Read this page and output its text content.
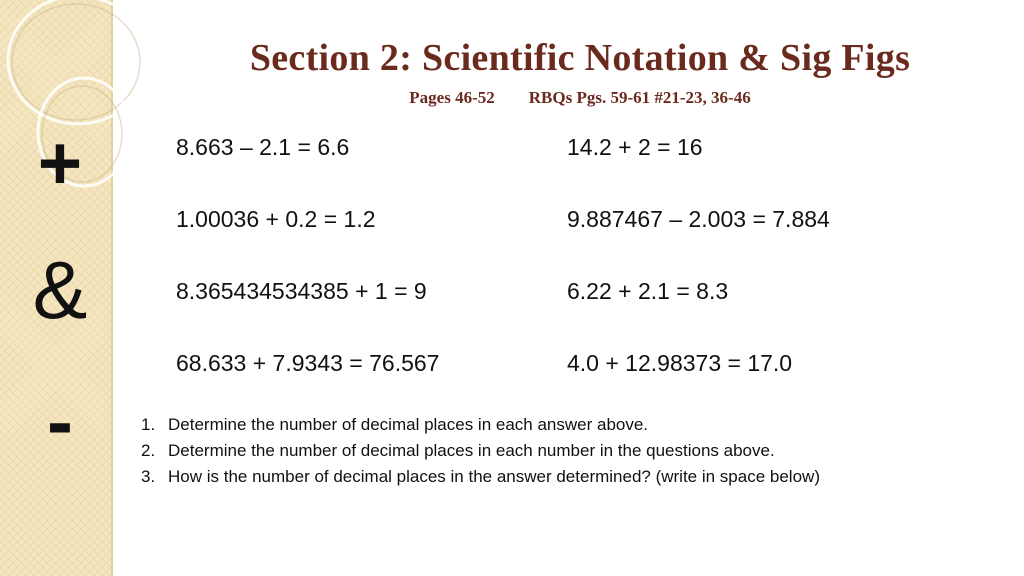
+
&
-
Section 2: Scientific Notation & Sig Figs
Pages 46-52 RBQs Pgs. 59-61 #21-23, 36-46
8.663 – 2.1 = 6.6	14.2 + 2 = 16
1.00036 + 0.2 = 1.2	9.887467 – 2.003 = 7.884
8.365434534385 + 1 = 9	6.22 + 2.1 = 8.3
68.633 + 7.9343 = 76.567	4.0 + 12.98373 = 17.0
1. Determine the number of decimal places in each answer above.
2. Determine the number of decimal places in each number in the questions above.
3. How is the number of decimal places in the answer determined? (write in space below)
